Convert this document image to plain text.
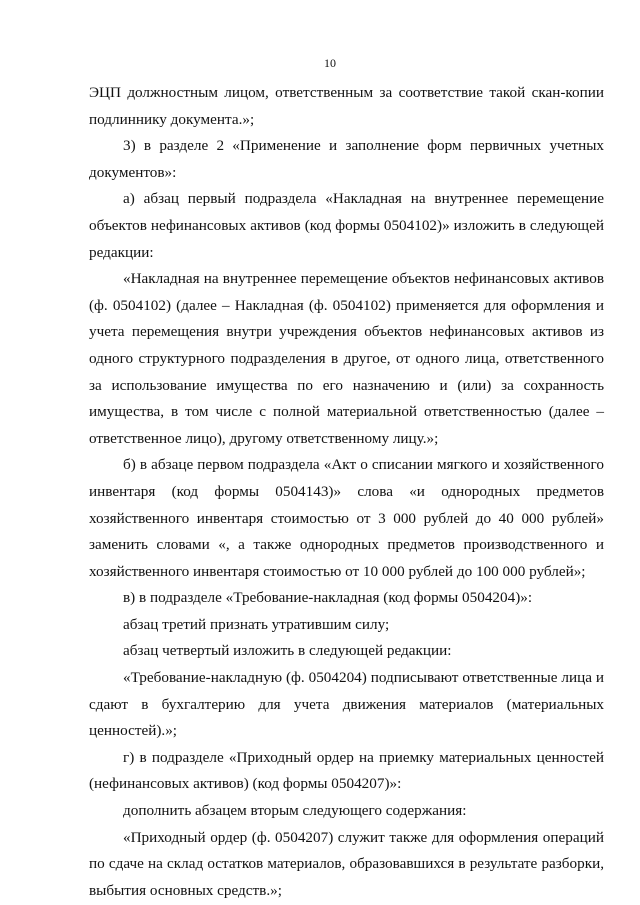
10

ЭЦП должностным лицом, ответственным за соответствие такой скан-копии подлиннику документа.»;

3) в разделе 2 «Применение и заполнение форм первичных учетных документов»:

а) абзац первый подраздела «Накладная на внутреннее перемещение объектов нефинансовых активов (код формы 0504102)» изложить в следующей редакции:

«Накладная на внутреннее перемещение объектов нефинансовых активов (ф. 0504102) (далее – Накладная (ф. 0504102) применяется для оформления и учета перемещения внутри учреждения объектов нефинансовых активов из одного структурного подразделения в другое, от одного лица, ответственного за использование имущества по его назначению и (или) за сохранность имущества, в том числе с полной материальной ответственностью (далее – ответственное лицо), другому ответственному лицу.»;

б) в абзаце первом подраздела «Акт о списании мягкого и хозяйственного инвентаря (код формы 0504143)» слова «и однородных предметов хозяйственного инвентаря стоимостью от 3 000 рублей до 40 000 рублей» заменить словами «, а также однородных предметов производственного и хозяйственного инвентаря стоимостью от 10 000 рублей до 100 000 рублей»;

в) в подразделе «Требование-накладная (код формы 0504204)»:

абзац третий признать утратившим силу;

абзац четвертый изложить в следующей редакции:

«Требование-накладную (ф. 0504204) подписывают ответственные лица и сдают в бухгалтерию для учета движения материалов (материальных ценностей).»;

г) в подразделе «Приходный ордер на приемку материальных ценностей (нефинансовых активов) (код формы 0504207)»:

дополнить абзацем вторым следующего содержания:

«Приходный ордер (ф. 0504207) служит также для оформления операций по сдаче на склад остатков материалов, образовавшихся в результате разборки, выбытия основных средств.»;
